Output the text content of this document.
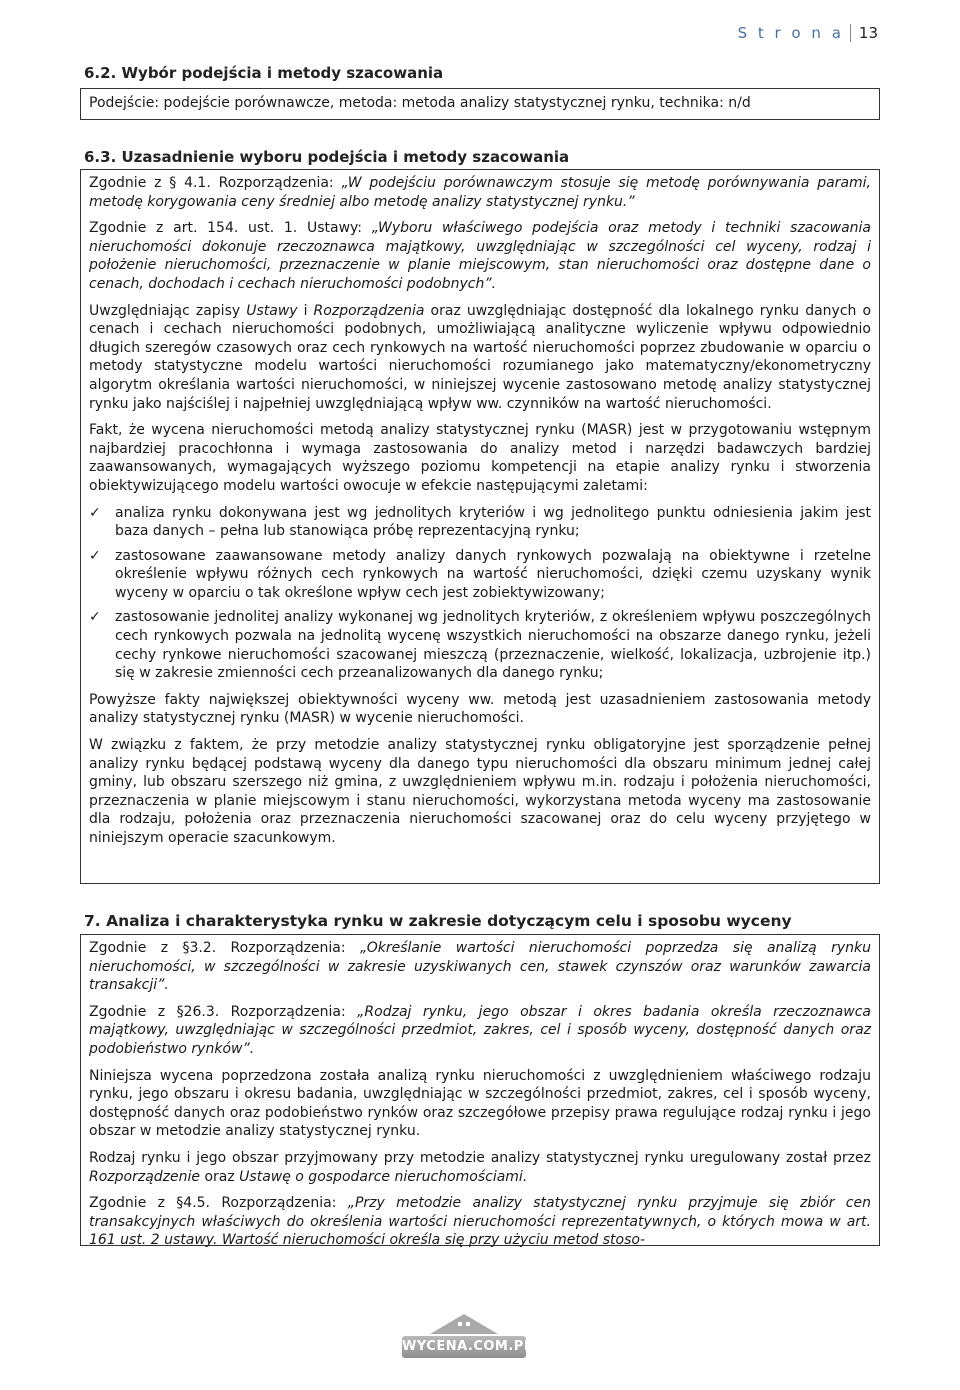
S t r o n a 13
6.2. Wybór podejścia i metody szacowania

Podejście: podejście porównawcze, metoda: metoda analizy statystycznej rynku, technika: n/d

6.3. Uzasadnienie wyboru podejścia i metody szacowania

Zgodnie z § 4.1. Rozporządzenia: „W podejściu porównawczym stosuje się metodę porównywania parami, metodę korygowania ceny średniej albo metodę analizy statystycznej rynku.”

Zgodnie z art. 154. ust. 1. Ustawy: „Wyboru właściwego podejścia oraz metody i techniki szacowania nieruchomości dokonuje rzeczoznawca majątkowy, uwzględniając w szczególności cel wyceny, rodzaj i położenie nieruchomości, przeznaczenie w planie miejscowym, stan nieruchomości oraz dostępne dane o cenach, dochodach i cechach nieruchomości podobnych”.

Uwzględniając zapisy Ustawy i Rozporządzenia oraz uwzględniając dostępność dla lokalnego rynku danych o cenach i cechach nieruchomości podobnych, umożliwiającą analityczne wyliczenie wpływu odpowiednio długich szeregów czasowych oraz cech rynkowych na wartość nieruchomości poprzez zbudowanie w oparciu o metody statystyczne modelu wartości nieruchomości rozumianego jako matematyczny/ekonometryczny algorytm określania wartości nieruchomości, w niniejszej wycenie zastosowano metodę analizy statystycznej rynku jako najściślej i najpełniej uwzględniającą wpływ ww. czynników na wartość nieruchomości.

Fakt, że wycena nieruchomości metodą analizy statystycznej rynku (MASR) jest w przygotowaniu wstępnym najbardziej pracochłonna i wymaga zastosowania do analizy metod i narzędzi badawczych bardziej zaawansowanych, wymagających wyższego poziomu kompetencji na etapie analizy rynku i stworzenia obiektywizującego modelu wartości owocuje w efekcie następującymi zaletami:

✓ analiza rynku dokonywana jest wg jednolitych kryteriów i wg jednolitego punktu odniesienia jakim jest baza danych – pełna lub stanowiąca próbę reprezentacyjną rynku;
✓ zastosowane zaawansowane metody analizy danych rynkowych pozwalają na obiektywne i rzetelne określenie wpływu różnych cech rynkowych na wartość nieruchomości, dzięki czemu uzyskany wynik wyceny w oparciu o tak określone wpływ cech jest zobiektywizowany;
✓ zastosowanie jednolitej analizy wykonanej wg jednolitych kryteriów, z określeniem wpływu poszczególnych cech rynkowych pozwala na jednolitą wycenę wszystkich nieruchomości na obszarze danego rynku, jeżeli cechy rynkowe nieruchomości szacowanej mieszczą (przeznaczenie, wielkość, lokalizacja, uzbrojenie itp.) się w zakresie zmienności cech przeanalizowanych dla danego rynku;

Powyższe fakty największej obiektywności wyceny ww. metodą jest uzasadnieniem zastosowania metody analizy statystycznej rynku (MASR) w wycenie nieruchomości.

W związku z faktem, że przy metodzie analizy statystycznej rynku obligatoryjne jest sporządzenie pełnej analizy rynku będącej podstawą wyceny dla danego typu nieruchomości dla obszaru minimum jednej całej gminy, lub obszaru szerszego niż gmina, z uwzględnieniem wpływu m.in. rodzaju i położenia nieruchomości, przeznaczenia w planie miejscowym i stanu nieruchomości, wykorzystana metoda wyceny ma zastosowanie dla rodzaju, położenia oraz przeznaczenia nieruchomości szacowanej oraz do celu wyceny przyjętego w niniejszym operacie szacunkowym.

7. Analiza i charakterystyka rynku w zakresie dotyczącym celu i sposobu wyceny

Zgodnie z §3.2. Rozporządzenia: „Określanie wartości nieruchomości poprzedza się analizą rynku nieruchomości, w szczególności w zakresie uzyskiwanych cen, stawek czynszów oraz warunków zawarcia transakcji”.

Zgodnie z §26.3. Rozporządzenia: „Rodzaj rynku, jego obszar i okres badania określa rzeczoznawca majątkowy, uwzględniając w szczególności przedmiot, zakres, cel i sposób wyceny, dostępność danych oraz podobieństwo rynków”.

Niniejsza wycena poprzedzona została analizą rynku nieruchomości z uwzględnieniem właściwego rodzaju rynku, jego obszaru i okresu badania, uwzględniając w szczególności przedmiot, zakres, cel i sposób wyceny, dostępność danych oraz podobieństwo rynków oraz szczegółowe przepisy prawa regulujące rodzaj rynku i jego obszar w metodzie analizy statystycznej rynku.

Rodzaj rynku i jego obszar przyjmowany przy metodzie analizy statystycznej rynku uregulowany został przez Rozporządzenie oraz Ustawę o gospodarce nieruchomościami.

Zgodnie z §4.5. Rozporządzenia: „Przy metodzie analizy statystycznej rynku przyjmuje się zbiór cen transakcyjnych właściwych do określenia wartości nieruchomości reprezentatywnych, o których mowa w art. 161 ust. 2 ustawy. Wartość nieruchomości określa się przy użyciu metod stoso-

WYCENA.COM.PL
